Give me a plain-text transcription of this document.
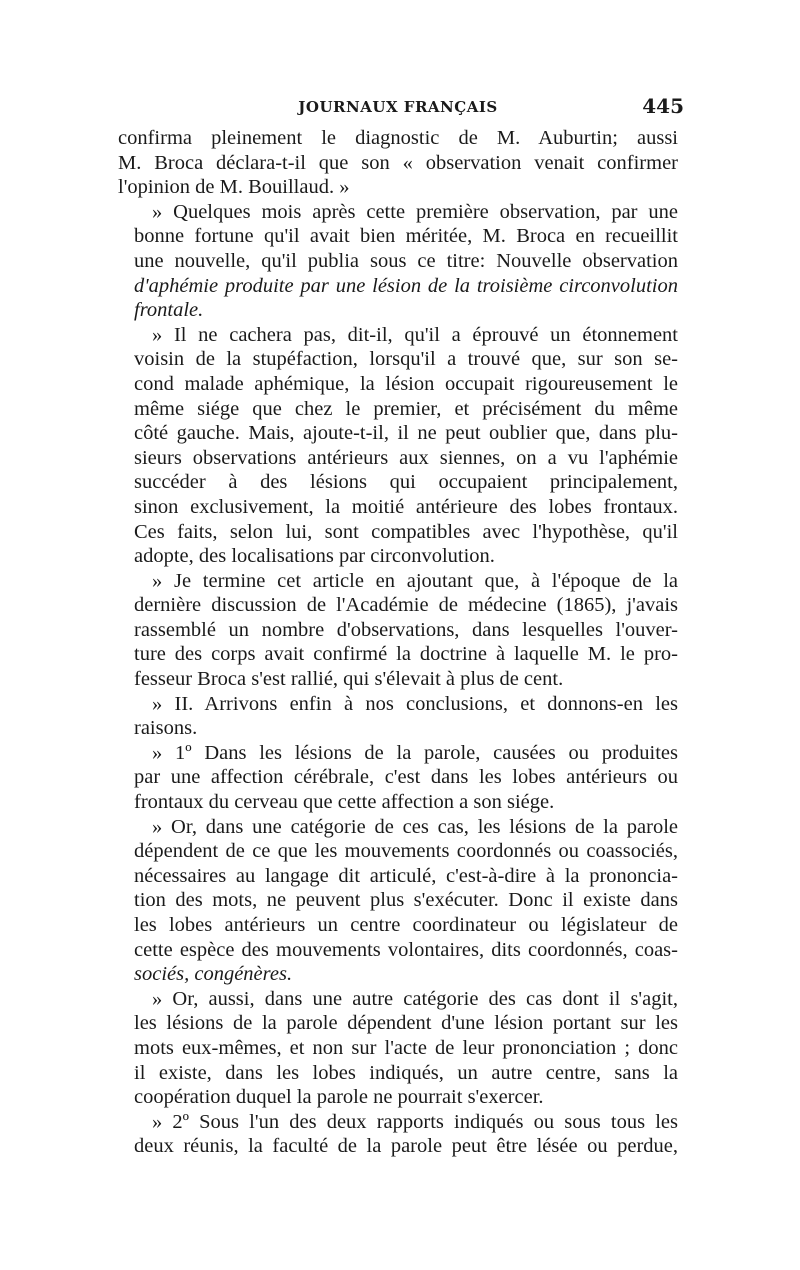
JOURNAUX FRANÇAIS	445

confirma pleinement le diagnostic de M. Auburtin; aussi
M. Broca déclara-t-il que son « observation venait confirmer
l'opinion de M. Bouillaud. »

» Quelques mois après cette première observation, par une
bonne fortune qu'il avait bien méritée, M. Broca en recueillit
une nouvelle, qu'il publia sous ce titre: Nouvelle observation
d'aphémie produite par une lésion de la troisième circonvolution
frontale.

» Il ne cachera pas, dit-il, qu'il a éprouvé un étonnement
voisin de la stupéfaction, lorsqu'il a trouvé que, sur son se-
cond malade aphémique, la lésion occupait rigoureusement le
même siége que chez le premier, et précisément du même
côté gauche. Mais, ajoute-t-il, il ne peut oublier que, dans plu-
sieurs observations antérieurs aux siennes, on a vu l'aphémie
succéder à des lésions qui occupaient principalement,
sinon exclusivement, la moitié antérieure des lobes frontaux.
Ces faits, selon lui, sont compatibles avec l'hypothèse, qu'il
adopte, des localisations par circonvolution.

» Je termine cet article en ajoutant que, à l'époque de la
dernière discussion de l'Académie de médecine (1865), j'avais
rassemblé un nombre d'observations, dans lesquelles l'ouver-
ture des corps avait confirmé la doctrine à laquelle M. le pro-
fesseur Broca s'est rallié, qui s'élevait à plus de cent.

» II. Arrivons enfin à nos conclusions, et donnons-en les
raisons.

» 1º Dans les lésions de la parole, causées ou produites
par une affection cérébrale, c'est dans les lobes antérieurs ou
frontaux du cerveau que cette affection a son siége.

» Or, dans une catégorie de ces cas, les lésions de la parole
dépendent de ce que les mouvements coordonnés ou coassociés,
nécessaires au langage dit articulé, c'est-à-dire à la prononcia-
tion des mots, ne peuvent plus s'exécuter. Donc il existe dans
les lobes antérieurs un centre coordinateur ou législateur de
cette espèce des mouvements volontaires, dits coordonnés, coas-
sociés, congénères.

» Or, aussi, dans une autre catégorie des cas dont il s'agit,
les lésions de la parole dépendent d'une lésion portant sur les
mots eux-mêmes, et non sur l'acte de leur prononciation ; donc
il existe, dans les lobes indiqués, un autre centre, sans la
coopération duquel la parole ne pourrait s'exercer.

» 2º Sous l'un des deux rapports indiqués ou sous tous les
deux réunis, la faculté de la parole peut être lésée ou perdue,
